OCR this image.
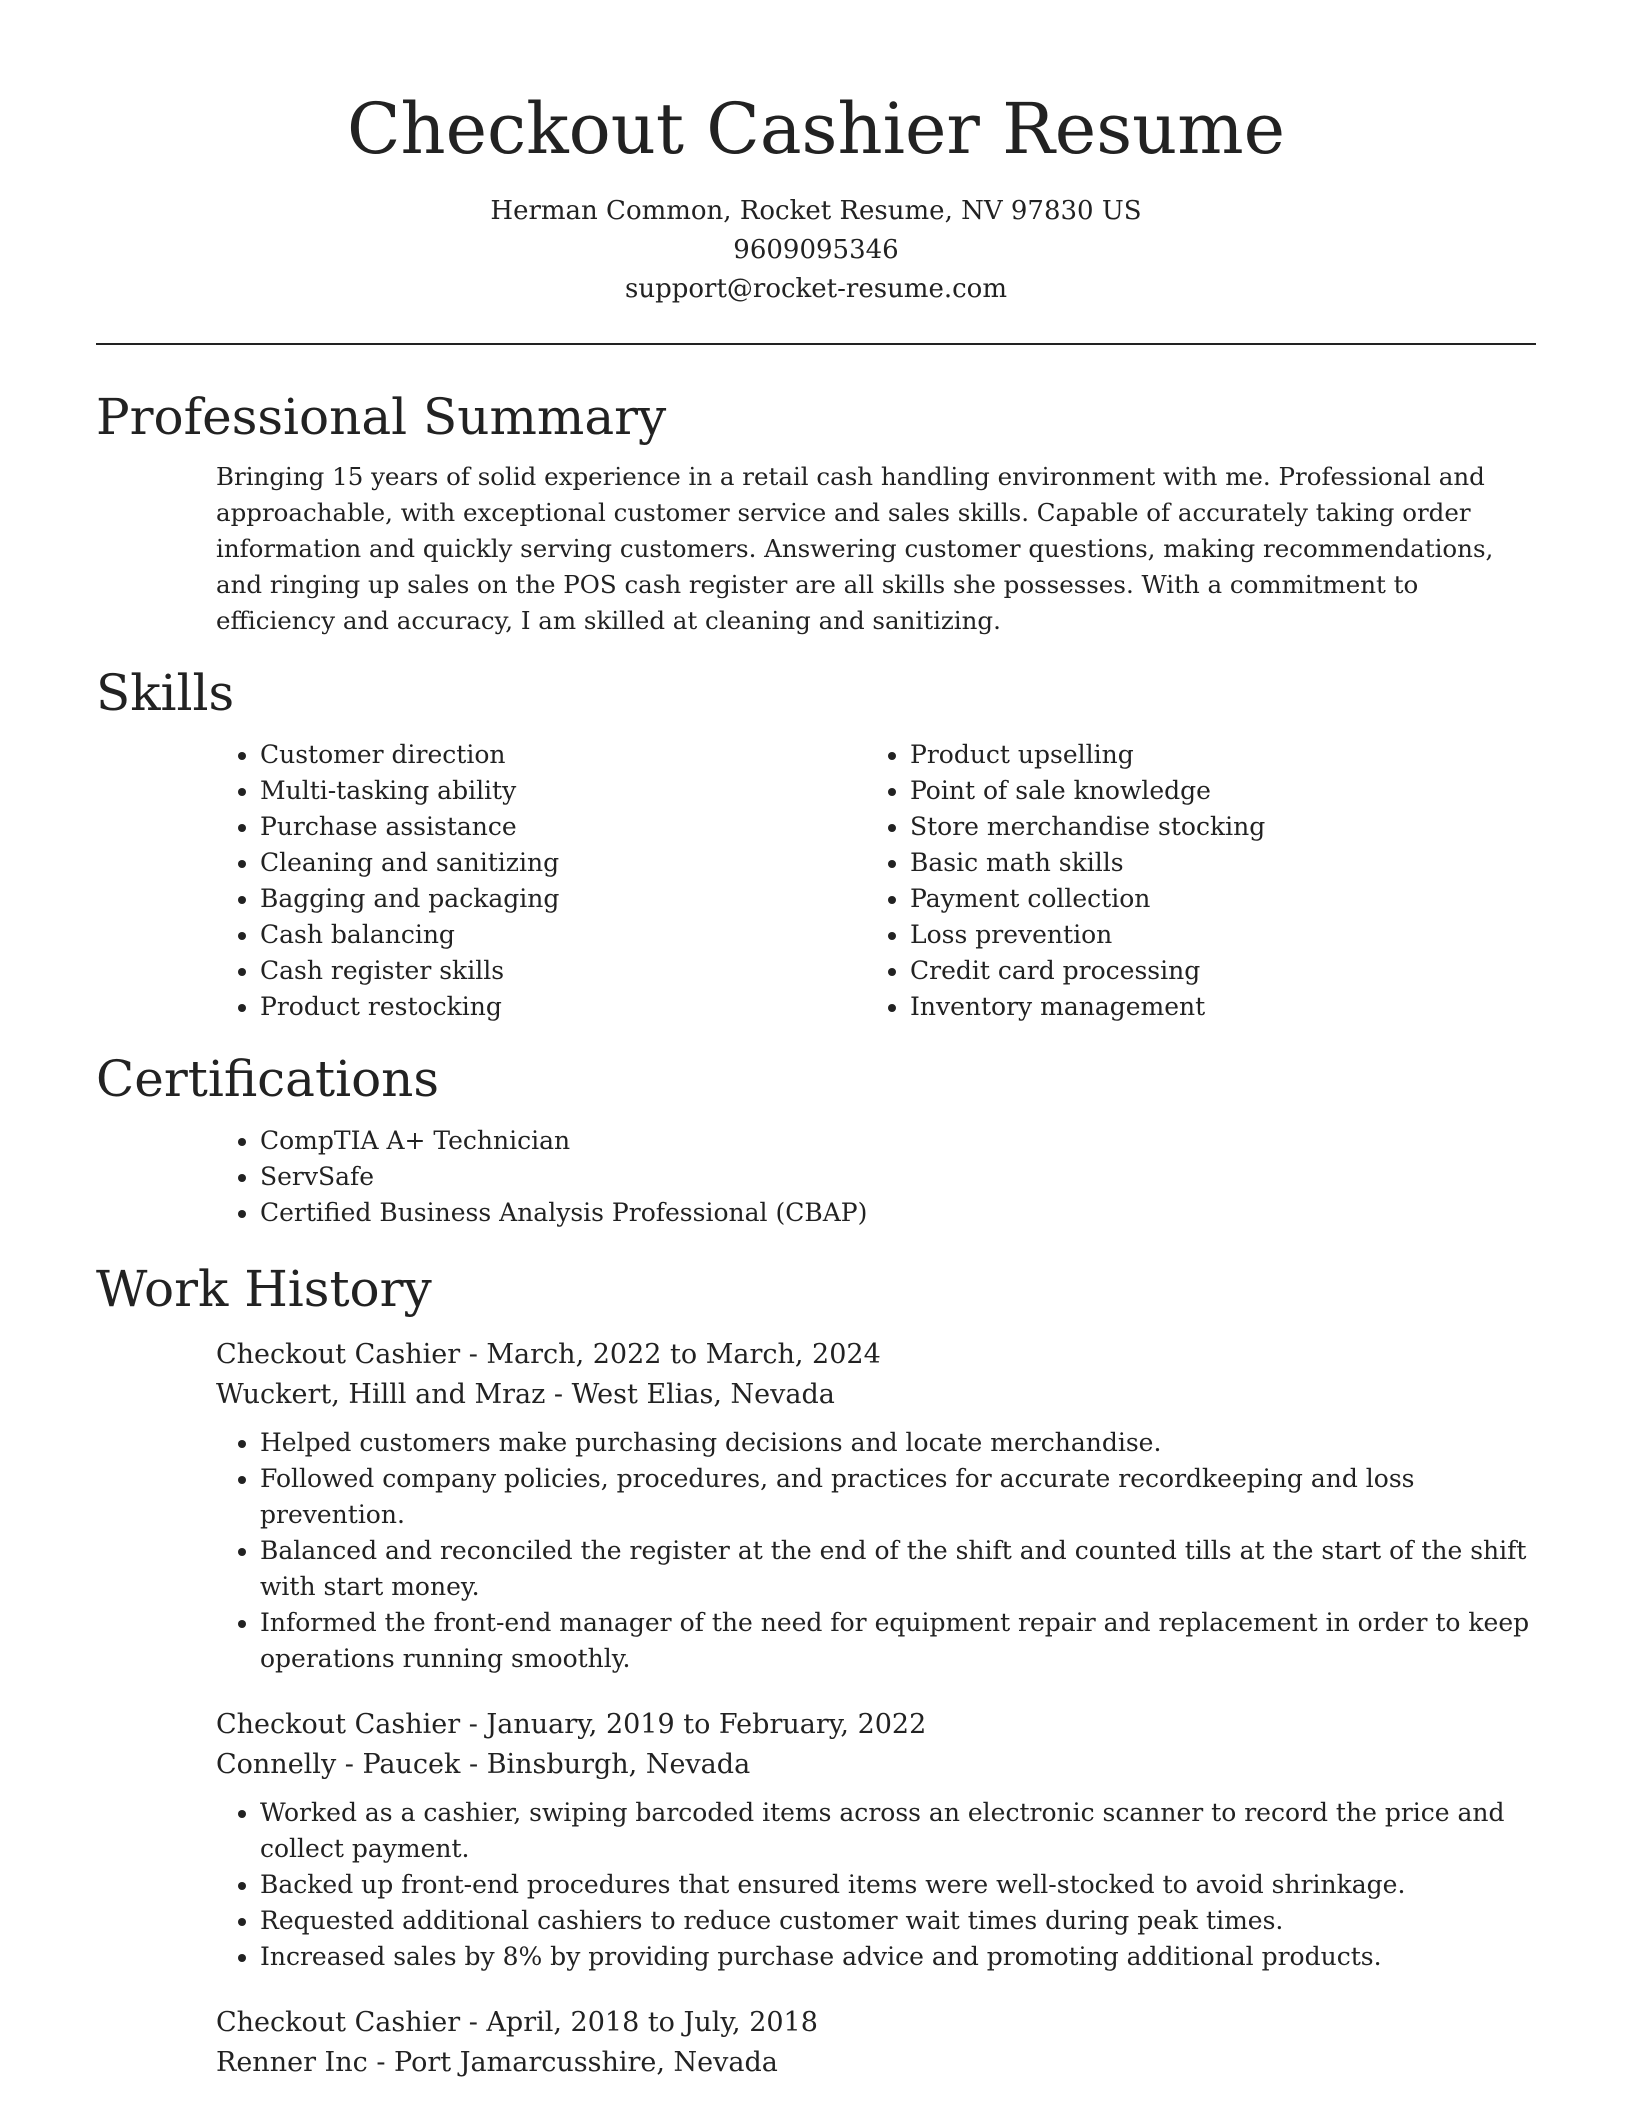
Checkout Cashier Resume

Herman Common, Rocket Resume, NV 97830 US

9609095346

support@rocket-resume.com

Professional Summary

Bringing 15 years of solid experience in a retail cash handling environment with me. Professional and approachable, with exceptional customer service and sales skills. Capable of accurately taking order information and quickly serving customers. Answering customer questions, making recommendations, and ringing up sales on the POS cash register are all skills she possesses. With a commitment to efficiency and accuracy, I am skilled at cleaning and sanitizing.

Skills
• Customer direction
• Multi-tasking ability
• Purchase assistance
• Cleaning and sanitizing
• Bagging and packaging
• Cash balancing
• Cash register skills
• Product restocking
• Product upselling
• Point of sale knowledge
• Store merchandise stocking
• Basic math skills
• Payment collection
• Loss prevention
• Credit card processing
• Inventory management
Certifications
• CompTIA A+ Technician
• ServSafe
• Certified Business Analysis Professional (CBAP)
Work History

Checkout Cashier - March, 2022 to March, 2024

Wuckert, Hilll and Mraz - West Elias, Nevada

• Helped customers make purchasing decisions and locate merchandise.
• Followed company policies, procedures, and practices for accurate recordkeeping and loss prevention.
• Balanced and reconciled the register at the end of the shift and counted tills at the start of the shift with start money.
• Informed the front-end manager of the need for equipment repair and replacement in order to keep operations running smoothly.

Checkout Cashier - January, 2019 to February, 2022

Connelly - Paucek - Binsburgh, Nevada

• Worked as a cashier, swiping barcoded items across an electronic scanner to record the price and collect payment.
• Backed up front-end procedures that ensured items were well-stocked to avoid shrinkage.
• Requested additional cashiers to reduce customer wait times during peak times.
• Increased sales by 8% by providing purchase advice and promoting additional products.

Checkout Cashier - April, 2018 to July, 2018

Renner Inc - Port Jamarcusshire, Nevada
